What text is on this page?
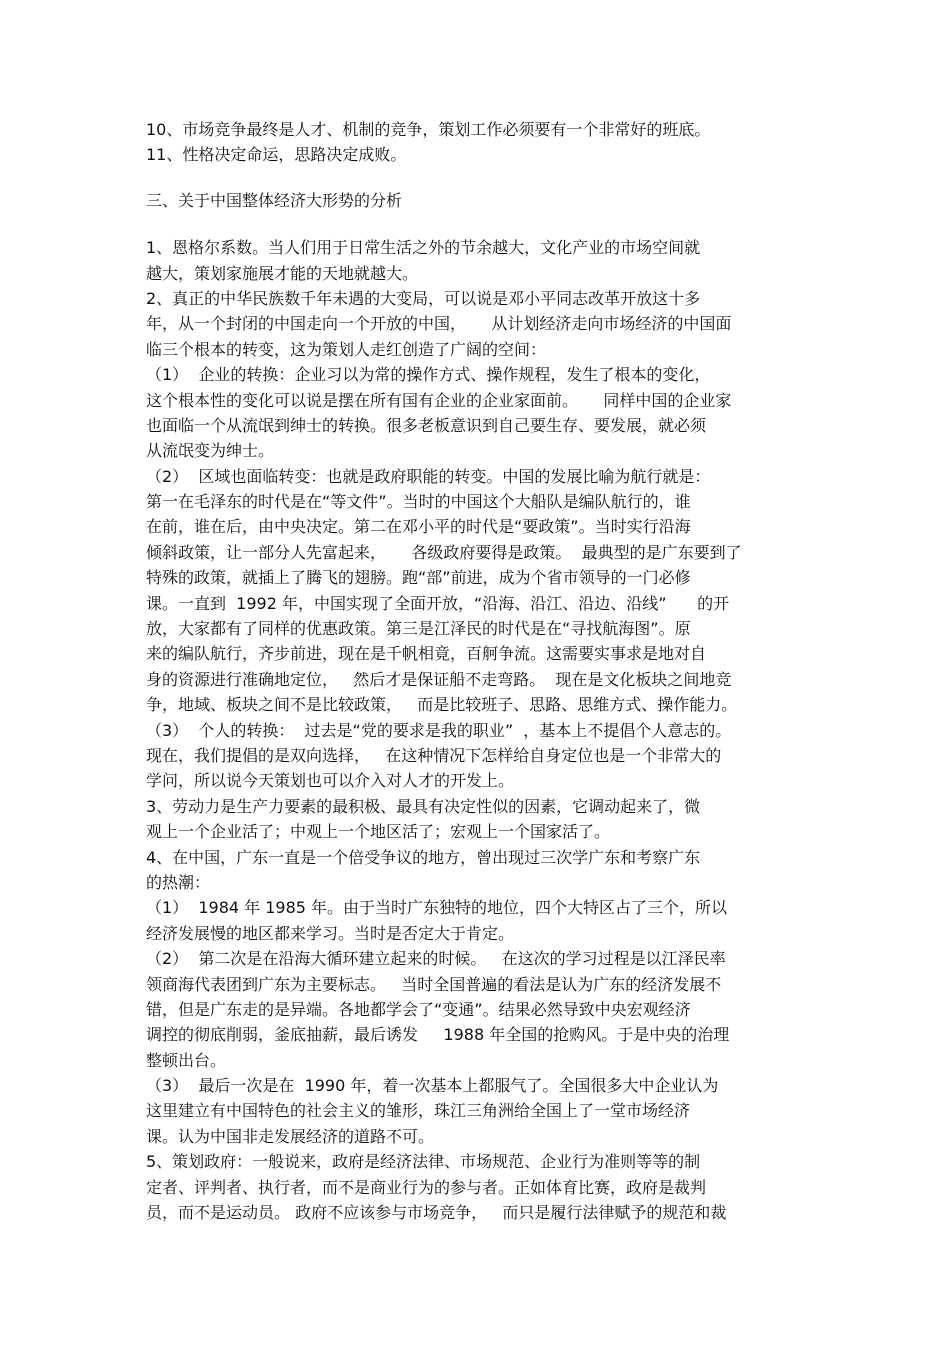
10、市场竞争最终是人才、机制的竞争，策划工作必须要有一个非常好的班底。
11、性格决定命运，思路决定成败。
三、关于中国整体经济大形势的分析
1、恩格尔系数。当人们用于日常生活之外的节余越大，文化产业的市场空间就
越大，策划家施展才能的天地就越大。
2、真正的中华民族数千年未遇的大变局，可以说是邓小平同志改革开放这十多
年，从一个封闭的中国走向一个开放的中国，     从计划经济走向市场经济的中国面
临三个根本的转变，这为策划人走红创造了广阔的空间：
（1）  企业的转换：企业习以为常的操作方式、操作规程，发生了根本的变化，
这个根本性的变化可以说是摆在所有国有企业的企业家面前。     同样中国的企业家
也面临一个从流氓到绅士的转换。很多老板意识到自己要生存、要发展，就必须
从流氓变为绅士。
（2）  区域也面临转变：也就是政府职能的转变。中国的发展比喻为航行就是：
第一在毛泽东的时代是在“等文件”。当时的中国这个大船队是编队航行的，谁
在前，谁在后，由中央决定。第二在邓小平的时代是“要政策”。当时实行沿海
倾斜政策，让一部分人先富起来，     各级政府要得是政策。  最典型的是广东要到了
特殊的政策，就插上了腾飞的翅膀。跑“部”前进，成为个省市领导的一门必修
课。一直到  1992 年，中国实现了全面开放，“沿海、沿江、沿边、沿线”      的开
放，大家都有了同样的优惠政策。第三是江泽民的时代是在“寻找航海图”。原
来的编队航行，齐步前进，现在是千帆相竟，百舸争流。这需要实事求是地对自
身的资源进行准确地定位，   然后才是保证船不走弯路。  现在是文化板块之间地竞
争，地域、板块之间不是比较政策，   而是比较班子、思路、思维方式、操作能力。
（3）  个人的转换：  过去是“党的要求是我的职业”  ，基本上不提倡个人意志的。
现在，我们提倡的是双向选择，   在这种情况下怎样给自身定位也是一个非常大的
学问，所以说今天策划也可以介入对人才的开发上。
3、劳动力是生产力要素的最积极、最具有决定性似的因素，它调动起来了，微
观上一个企业活了；中观上一个地区活了；宏观上一个国家活了。
4、在中国，广东一直是一个倍受争议的地方，曾出现过三次学广东和考察广东
的热潮：
（1）  1984 年 1985 年。由于当时广东独特的地位，四个大特区占了三个，所以
经济发展慢的地区都来学习。当时是否定大于肯定。
（2）  第二次是在沿海大循环建立起来的时候。   在这次的学习过程是以江泽民率
领商海代表团到广东为主要标志。   当时全国普遍的看法是认为广东的经济发展不
错，但是广东走的是异端。各地都学会了“变通”。结果必然导致中央宏观经济
调控的彻底削弱，釜底抽薪，最后诱发     1988 年全国的抢购风。于是中央的治理
整顿出台。
（3）  最后一次是在  1990 年，着一次基本上都服气了。全国很多大中企业认为
这里建立有中国特色的社会主义的雏形，珠江三角洲给全国上了一堂市场经济
课。认为中国非走发展经济的道路不可。
5、策划政府：一般说来，政府是经济法律、市场规范、企业行为准则等等的制
定者、评判者、执行者，而不是商业行为的参与者。正如体育比赛，政府是裁判
员，而不是运动员。 政府不应该参与市场竞争，   而只是履行法律赋予的规范和裁
